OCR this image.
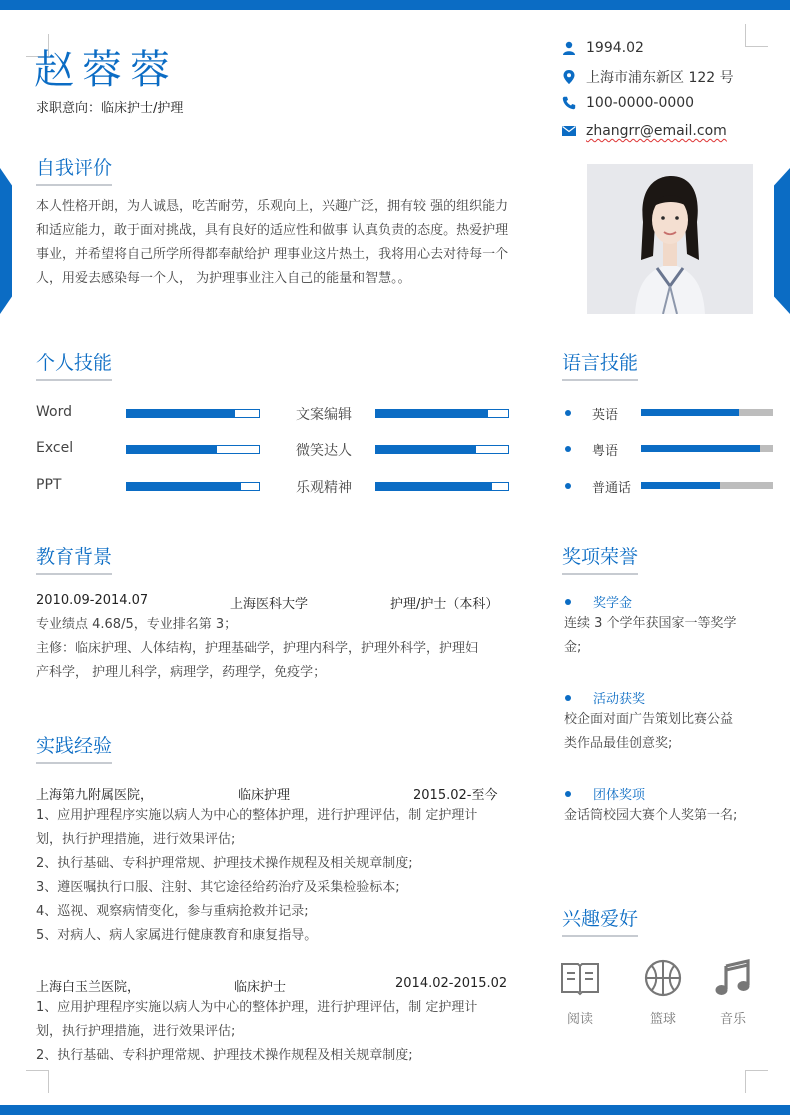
赵蓉蓉
求职意向：临床护士/护理
1994.02
上海市浦东新区 122 号
100-0000-0000
zhangrr@email.com
自我评价
本人性格开朗，为人诚恳，吃苦耐劳，乐观向上，兴趣广泛，拥有较 强的组织能力和适应能力，敢于面对挑战，具有良好的适应性和做事 认真负责的态度。热爱护理事业，并希望将自己所学所得都奉献给护 理事业这片热土，我将用心去对待每一个人，用爱去感染每一个人， 为护理事业注入自己的能量和智慧。。
个人技能
Word
Excel
PPT
文案编辑
微笑达人
乐观精神
语言技能
英语
粤语
普通话
教育背景
2010.09-2014.07	上海医科大学	护理/护士（本科）
专业绩点 4.68/5，专业排名第 3；
主修：临床护理、人体结构，护理基础学，护理内科学，护理外科学，护理妇
产科学， 护理儿科学，病理学，药理学，免疫学；
实践经验
上海第九附属医院，	临床护理	2015.02-至今
1、应用护理程序实施以病人为中心的整体护理，进行护理评估，制 定护理计
划，执行护理措施，进行效果评估;
2、执行基础、专科护理常规、护理技术操作规程及相关规章制度;
3、遵医嘱执行口服、注射、其它途径给药治疗及采集检验标本;
4、巡视、观察病情变化，参与重病抢救并记录;
5、对病人、病人家属进行健康教育和康复指导。
上海白玉兰医院，	临床护士	2014.02-2015.02
1、应用护理程序实施以病人为中心的整体护理，进行护理评估，制 定护理计
划，执行护理措施，进行效果评估;
2、执行基础、专科护理常规、护理技术操作规程及相关规章制度;
奖项荣誉
奖学金
连续 3 个学年获国家一等奖学
金;
活动获奖
校企面对面广告策划比赛公益
类作品最佳创意奖;
团体奖项
金话筒校园大赛个人奖第一名;
兴趣爱好
阅读	篮球	音乐
